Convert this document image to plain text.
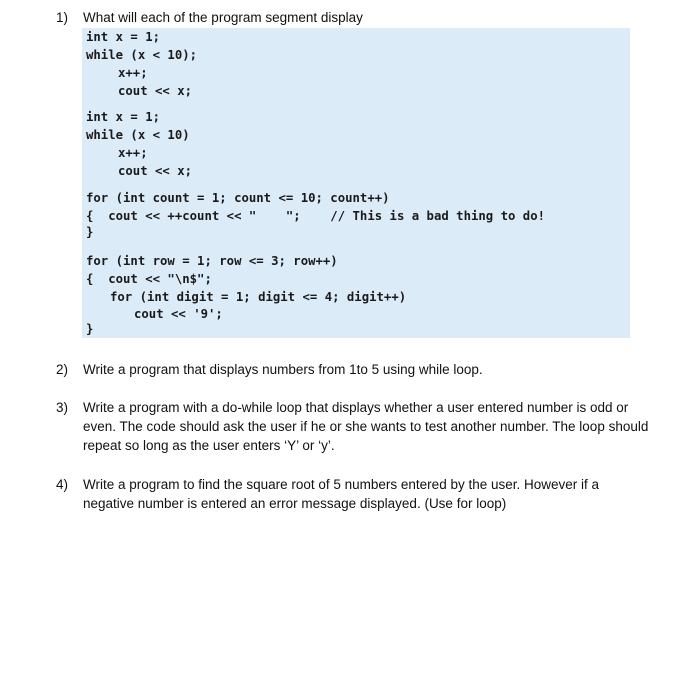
1) What will each of the program segment display
int x = 1;
while (x < 10);
x++;
cout << x;
int x = 1;
while (x < 10)
x++;
cout << x;
for (int count = 1; count <= 10; count++)
{  cout << ++count << "    ";    // This is a bad thing to do!
}
for (int row = 1; row <= 3; row++)
{  cout << "\n$";
for (int digit = 1; digit <= 4; digit++)
cout << '9';
}
2) Write a program that displays numbers from 1to 5 using while loop.
3) Write a program with a do-while loop that displays whether a user entered number is odd or even. The code should ask the user if he or she wants to test another number. The loop should repeat so long as the user enters ‘Y’ or ‘y’.
4) Write a program to find the square root of 5 numbers entered by the user. However if a negative number is entered an error message displayed. (Use for loop)
